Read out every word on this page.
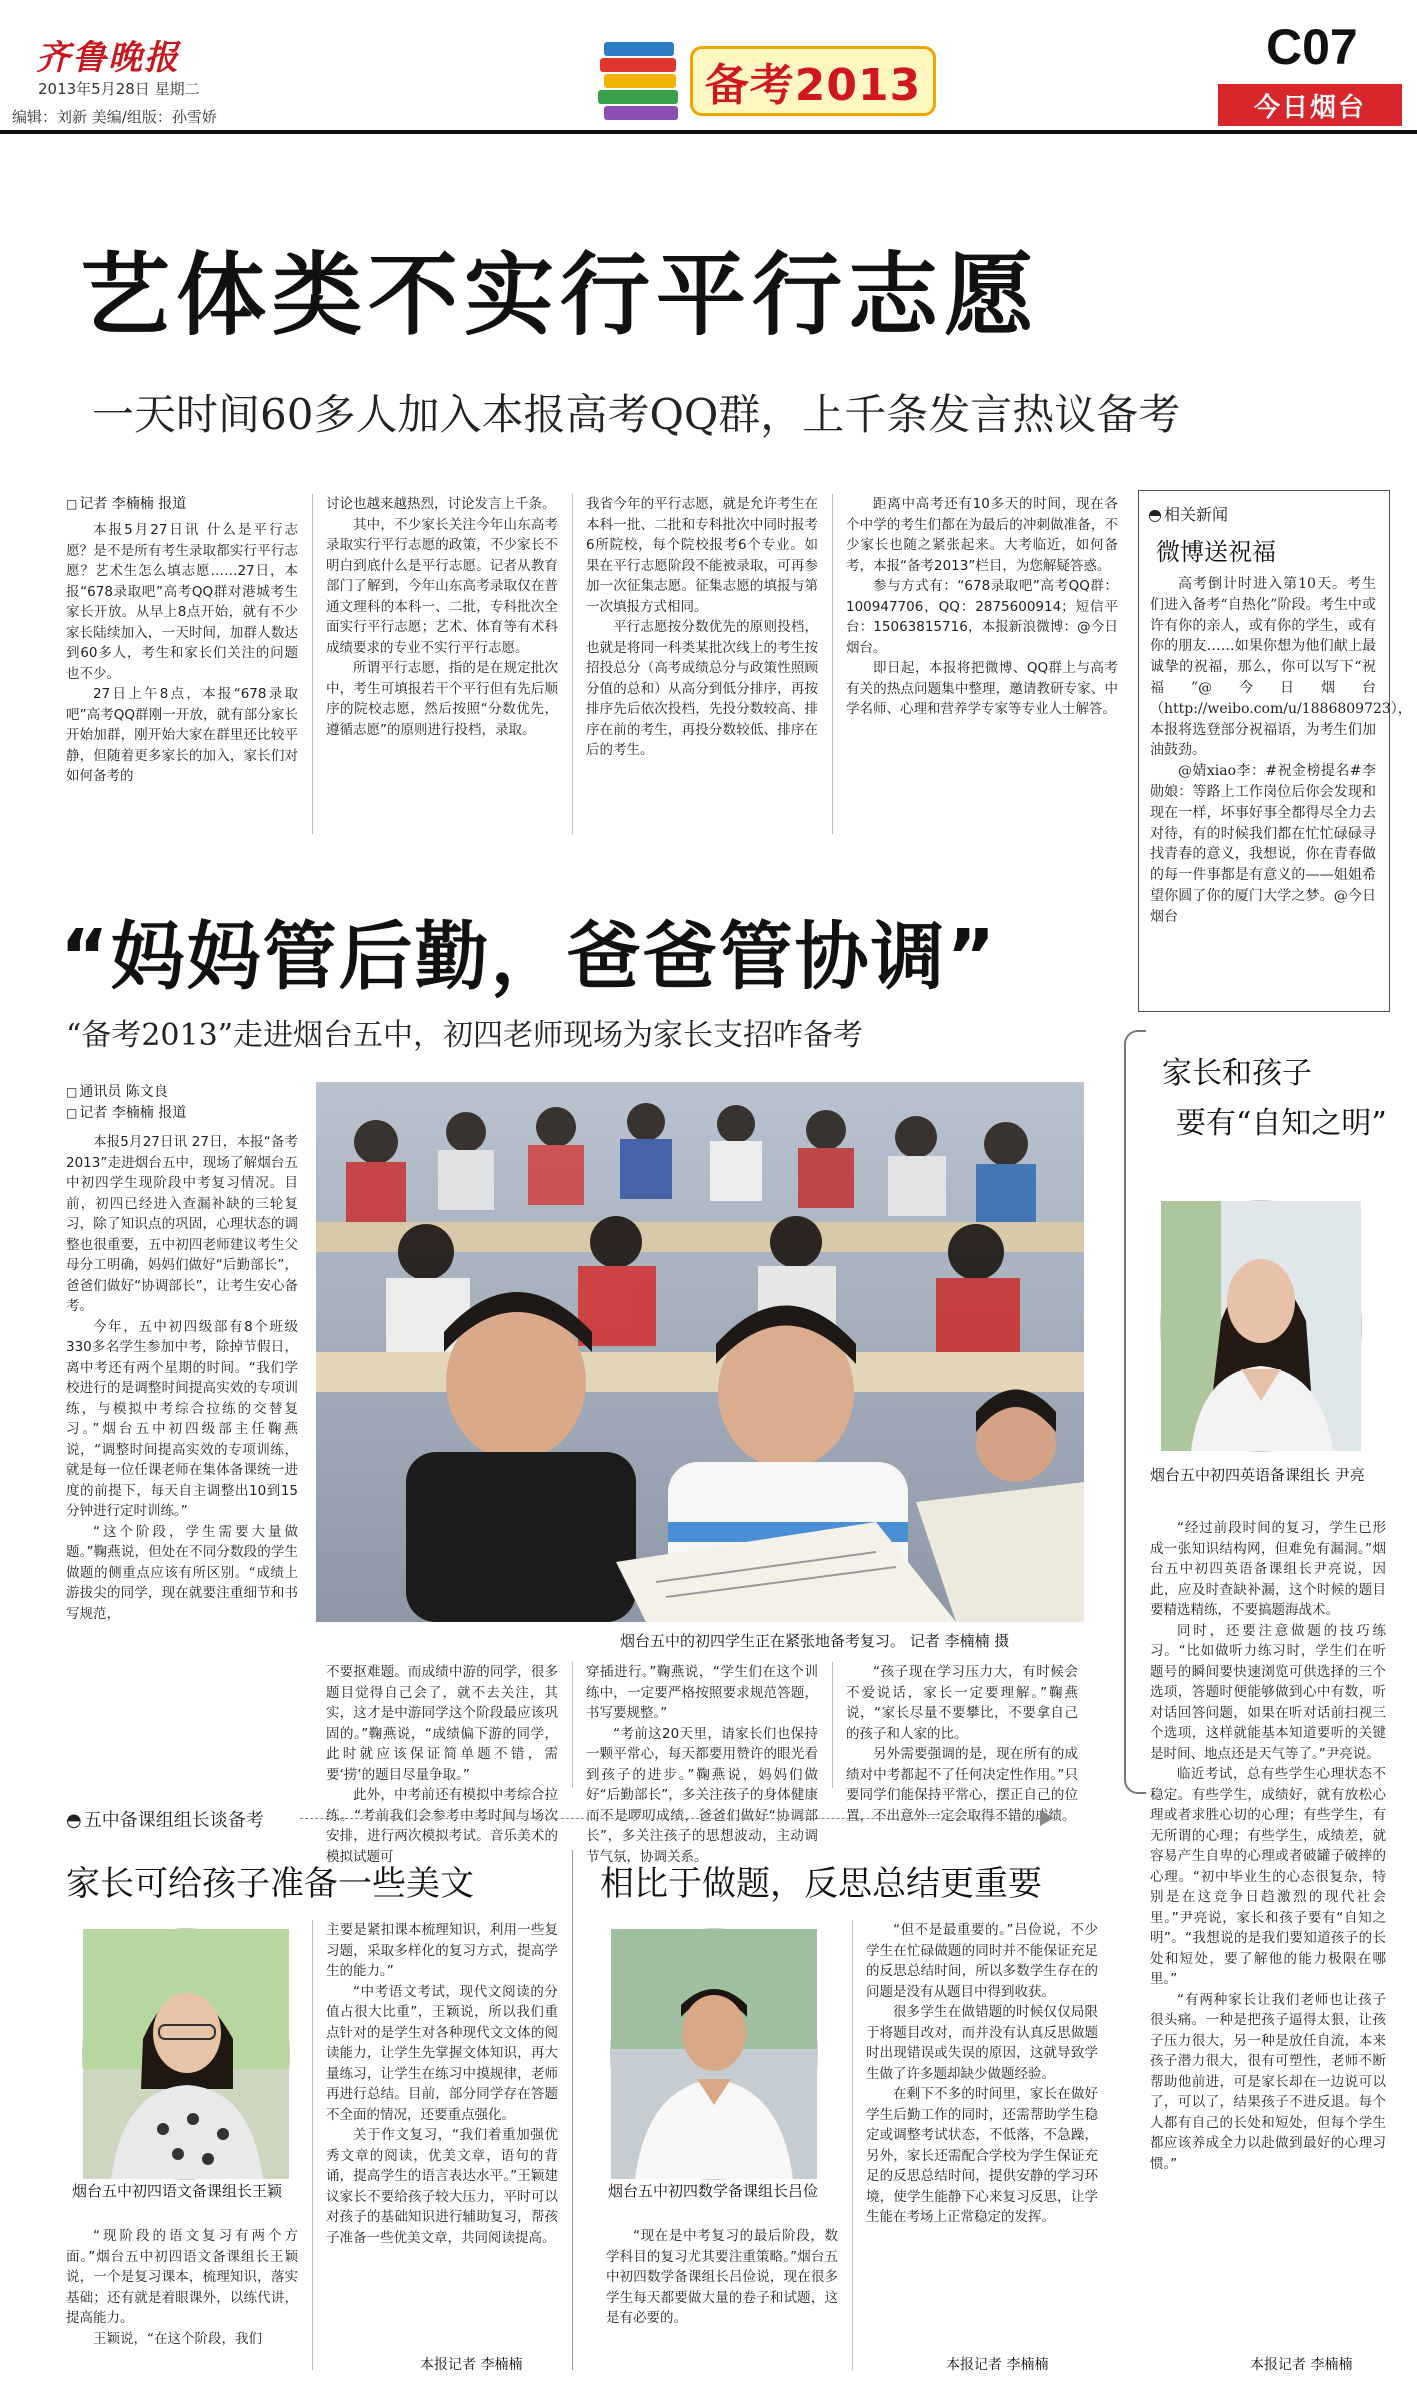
齐鲁晚报
2013年5月28日 星期二
编辑：刘新 美编/组版：孙雪娇
备考2013
C07
今日烟台
艺体类不实行平行志愿
一天时间60多人加入本报高考QQ群，上千条发言热议备考
□ 记者 李楠楠 报道

本报5月27日讯 什么是平行志愿？是不是所有考生录取都实行平行志愿？艺术生怎么填志愿……27日，本报“678录取吧”高考QQ群对港城考生家长开放。从早上8点开始，就有不少家长陆续加入，一天时间，加群人数达到60多人，考生和家长们关注的问题也不少。

27日上午8点，本报“678录取吧”高考QQ群刚一开放，就有部分家长开始加群，刚开始大家在群里还比较平静，但随着更多家长的加入，家长们对如何备考的

讨论也越来越热烈，讨论发言上千条。

其中，不少家长关注今年山东高考录取实行平行志愿的政策，不少家长不明白到底什么是平行志愿。记者从教育部门了解到，今年山东高考录取仅在普通文理科的本科一、二批，专科批次全面实行平行志愿；艺术、体育等有术科成绩要求的专业不实行平行志愿。

所谓平行志愿，指的是在规定批次中，考生可填报若干个平行但有先后顺序的院校志愿，然后按照“分数优先，遵循志愿”的原则进行投档，录取。

我省今年的平行志愿，就是允许考生在本科一批、二批和专科批次中同时报考6所院校，每个院校报考6个专业。如果在平行志愿阶段不能被录取，可再参加一次征集志愿。征集志愿的填报与第一次填报方式相同。

平行志愿按分数优先的原则投档，也就是将同一科类某批次线上的考生按招投总分（高考成绩总分与政策性照顾分值的总和）从高分到低分排序，再按排序先后依次投档，先投分数较高、排序在前的考生，再投分数较低、排序在后的考生。

距离中高考还有10多天的时间，现在各个中学的考生们都在为最后的冲刺做准备，不少家长也随之紧张起来。大考临近，如何备考，本报“备考2013”栏目，为您解疑答惑。

参与方式有：“678录取吧”高考QQ群：100947706，QQ：2875600914；短信平台：15063815716，本报新浪微博：@今日烟台。

即日起，本报将把微博、QQ群上与高考有关的热点问题集中整理，邀请教研专家、中学名师、心理和营养学专家等专业人士解答。

◓ 相关新闻
微博送祝福

高考倒计时进入第10天。考生们进入备考“自热化”阶段。考生中或许有你的亲人，或有你的学生，或有你的朋友……如果你想为他们献上最诚挚的祝福，那么，你可以写下“祝福”@今日烟台（http://weibo.com/u/1886809723），本报将选登部分祝福语，为考生们加油鼓劲。

@婧xiao李：#祝金榜提名#李勋娘：等路上工作岗位后你会发现和现在一样，坏事好事全都得尽全力去对待，有的时候我们都在忙忙碌碌寻找青春的意义，我想说，你在青春做的每一件事都是有意义的——姐姐希望你圆了你的厦门大学之梦。@今日烟台

“妈妈管后勤，爸爸管协调”
“备考2013”走进烟台五中，初四老师现场为家长支招咋备考
□ 通讯员 陈文良
□ 记者 李楠楠 报道

本报5月27日讯 27日，本报“备考2013”走进烟台五中，现场了解烟台五中初四学生现阶段中考复习情况。目前，初四已经进入查漏补缺的三轮复习，除了知识点的巩固，心理状态的调整也很重要，五中初四老师建议考生父母分工明确，妈妈们做好“后勤部长”，爸爸们做好“协调部长”，让考生安心备考。

今年，五中初四级部有8个班级330多名学生参加中考，除掉节假日，离中考还有两个星期的时间。“我们学校进行的是调整时间提高实效的专项训练，与模拟中考综合拉练的交替复习。”烟台五中初四级部主任鞠燕说，“调整时间提高实效的专项训练，就是每一位任课老师在集体备课统一进度的前提下，每天自主调整出10到15分钟进行定时训练。”

“这个阶段，学生需要大量做题。”鞠燕说，但处在不同分数段的学生做题的侧重点应该有所区别。“成绩上游拔尖的同学，现在就要注重细节和书写规范，

烟台五中的初四学生正在紧张地备考复习。 记者 李楠楠 摄

不要抠难题。而成绩中游的同学，很多题目觉得自己会了，就不去关注，其实，这才是中游同学这个阶段最应该巩固的。”鞠燕说，“成绩偏下游的同学，此时就应该保证简单题不错，需要‘捞’的题目尽量争取。”

此外，中考前还有模拟中考综合拉练。“考前我们会参考中考时间与场次安排，进行两次模拟考试。音乐美术的模拟试题可

穿插进行。”鞠燕说，“学生们在这个训练中，一定要严格按照要求规范答题，书写要规整。”

“考前这20天里，请家长们也保持一颗平常心，每天都要用赞许的眼光看到孩子的进步。”鞠燕说，妈妈们做好“后勤部长”，多关注孩子的身体健康而不是啰叨成绩，爸爸们做好“协调部长”，多关注孩子的思想波动，主动调节气氛，协调关系。

“孩子现在学习压力大，有时候会不爱说话，家长一定要理解。”鞠燕说，“家长尽量不要攀比，不要拿自己的孩子和人家的比。

另外需要强调的是，现在所有的成绩对中考都起不了任何决定性作用。”只要同学们能保持平常心，摆正自己的位置，不出意外一定会取得不错的成绩。

家长和孩子
要有“自知之明”
烟台五中初四英语备课组长 尹亮

“经过前段时间的复习，学生已形成一张知识结构网，但难免有漏洞。”烟台五中初四英语备课组长尹亮说，因此，应及时查缺补漏，这个时候的题目要精选精练，不要搞题海战术。

同时，还要注意做题的技巧练习。“比如做听力练习时，学生们在听题号的瞬间要快速浏览可供选择的三个选项，答题时便能够做到心中有数，听对话回答问题，如果在听对话前扫视三个选项，这样就能基本知道要听的关键是时间、地点还是天气等了。”尹亮说。

临近考试，总有些学生心理状态不稳定。有些学生，成绩好，就有放松心理或者求胜心切的心理；有些学生，有无所谓的心理；有些学生，成绩差，就容易产生自卑的心理或者破罐子破摔的心理。“初中毕业生的心态很复杂，特别是在这竞争日趋激烈的现代社会里。”尹亮说，家长和孩子要有“自知之明”。“我想说的是我们要知道孩子的长处和短处，要了解他的能力极限在哪里。”

“有两种家长让我们老师也让孩子很头痛。一种是把孩子逼得太狠，让孩子压力很大，另一种是放任自流，本来孩子潜力很大，很有可塑性，老师不断帮助他前进，可是家长却在一边说可以了，可以了，结果孩子不进反退。每个人都有自己的长处和短处，但每个学生都应该养成全力以赴做到最好的心理习惯。”

本报记者 李楠楠
◓ 五中备课组组长谈备考
家长可给孩子准备一些美文	相比于做题，反思总结更重要
烟台五中初四语文备课组长王颖

“现阶段的语文复习有两个方面。”烟台五中初四语文备课组长王颖说，一个是复习课本，梳理知识，落实基础；还有就是着眼课外，以练代讲，提高能力。

王颖说，“在这个阶段，我们

主要是紧扣课本梳理知识，利用一些复习题，采取多样化的复习方式，提高学生的能力。”

“中考语文考试，现代文阅读的分值占很大比重”，王颖说，所以我们重点针对的是学生对各种现代文文体的阅读能力，让学生先掌握文体知识，再大量练习，让学生在练习中摸规律，老师再进行总结。目前，部分同学存在答题不全面的情况，还要重点强化。

关于作文复习，“我们着重加强优秀文章的阅读，优美文章，语句的背诵，提高学生的语言表达水平。”王颖建议家长不要给孩子较大压力，平时可以对孩子的基础知识进行辅助复习，帮孩子准备一些优美文章，共同阅读提高。

本报记者 李楠楠
烟台五中初四数学备课组长吕俭

“现在是中考复习的最后阶段，数学科目的复习尤其要注重策略。”烟台五中初四数学备课组长吕俭说，现在很多学生每天都要做大量的卷子和试题，这是有必要的。

“但不是最重要的。”吕俭说，不少学生在忙碌做题的同时并不能保证充足的反思总结时间，所以多数学生存在的问题是没有从题目中得到收获。

很多学生在做错题的时候仅仅局限于将题目改对，而并没有认真反思做题时出现错误或失误的原因，这就导致学生做了许多题却缺少做题经验。

在剩下不多的时间里，家长在做好学生后勤工作的同时，还需帮助学生稳定或调整考试状态，不低落，不急躁，另外，家长还需配合学校为学生保证充足的反思总结时间，提供安静的学习环境，使学生能静下心来复习反思，让学生能在考场上正常稳定的发挥。

本报记者 李楠楠
